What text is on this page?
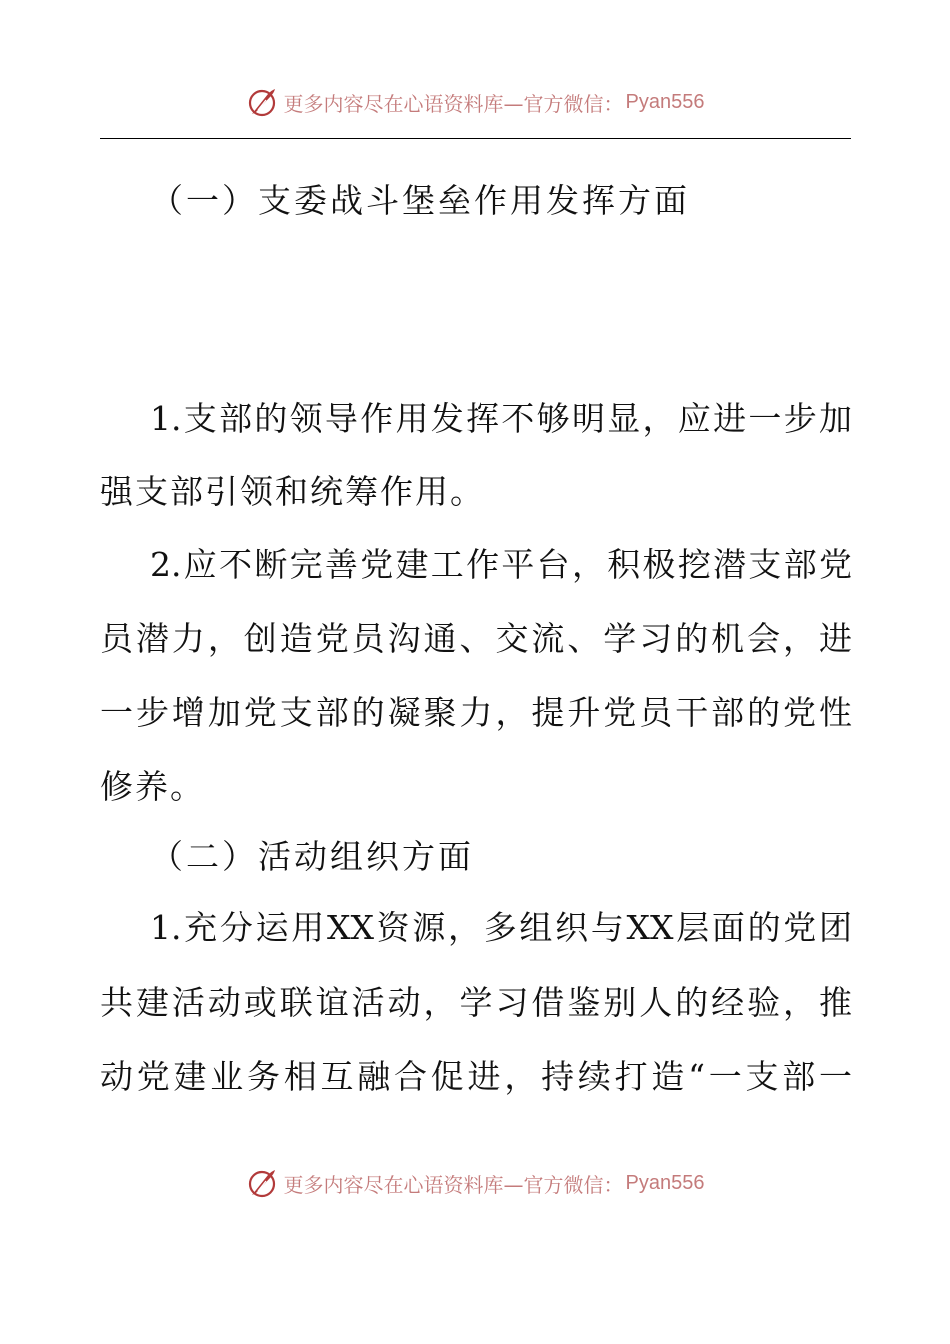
更多内容尽在心语资料库—官方微信： Pyan556
（一）支委战斗堡垒作用发挥方面
1.支部的领导作用发挥不够明显，应进一步加
强支部引领和统筹作用。
2.应不断完善党建工作平台，积极挖潜支部党
员潜力，创造党员沟通、交流、学习的机会，进
一步增加党支部的凝聚力，提升党员干部的党性
修养。
（二）活动组织方面
1.充分运用XX资源，多组织与XX层面的党团
共建活动或联谊活动，学习借鉴别人的经验，推
动党建业务相互融合促进，持续打造“一支部一
更多内容尽在心语资料库—官方微信： Pyan556
